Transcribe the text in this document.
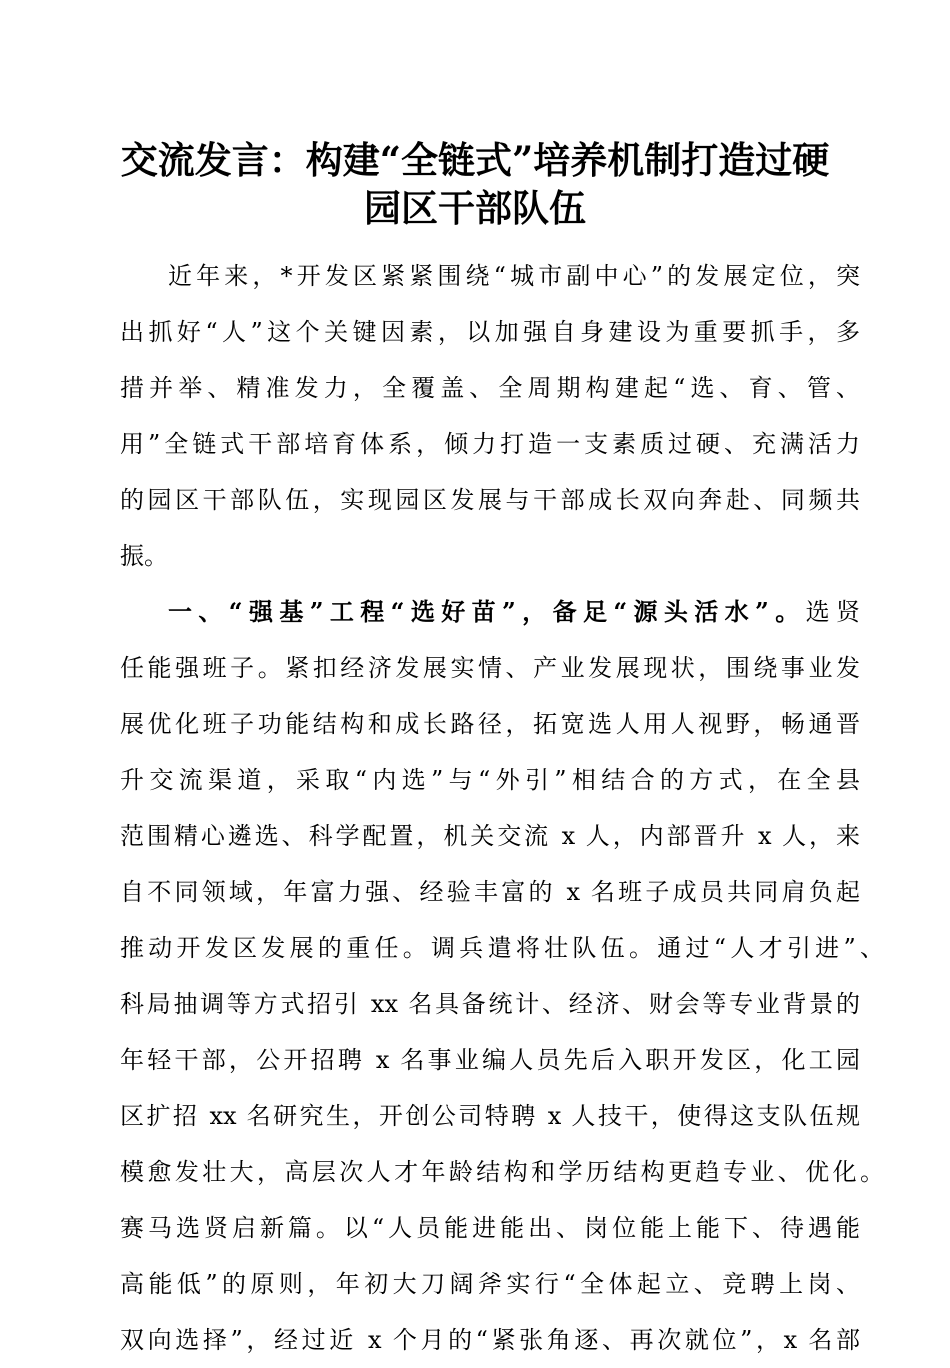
交流发言：构建“全链式”培养机制打造过硬
园区干部队伍
近年来，*开发区紧紧围绕“城市副中心”的发展定位，突
出抓好“人”这个关键因素，以加强自身建设为重要抓手，多
措并举、精准发力，全覆盖、全周期构建起“选、育、管、
用”全链式干部培育体系，倾力打造一支素质过硬、充满活力
的园区干部队伍，实现园区发展与干部成长双向奔赴、同频共
振。
一、“强基”工程“选好苗”，备足“源头活水”。选贤
任能强班子。紧扣经济发展实情、产业发展现状，围绕事业发
展优化班子功能结构和成长路径，拓宽选人用人视野，畅通晋
升交流渠道，采取“内选”与“外引”相结合的方式，在全县
范围精心遴选、科学配置，机关交流 x 人，内部晋升 x 人，来
自不同领域，年富力强、经验丰富的 x 名班子成员共同肩负起
推动开发区发展的重任。调兵遣将壮队伍。通过“人才引进”、
科局抽调等方式招引 xx 名具备统计、经济、财会等专业背景的
年轻干部，公开招聘 x 名事业编人员先后入职开发区，化工园
区扩招 xx 名研究生，开创公司特聘 x 人技干，使得这支队伍规
模愈发壮大，高层次人才年龄结构和学历结构更趋专业、优化。
赛马选贤启新篇。以“人员能进能出、岗位能上能下、待遇能
高能低”的原则，年初大刀阔斧实行“全体起立、竞聘上岗、
双向选择”，经过近 x 个月的“紧张角逐、再次就位”，x 名部
